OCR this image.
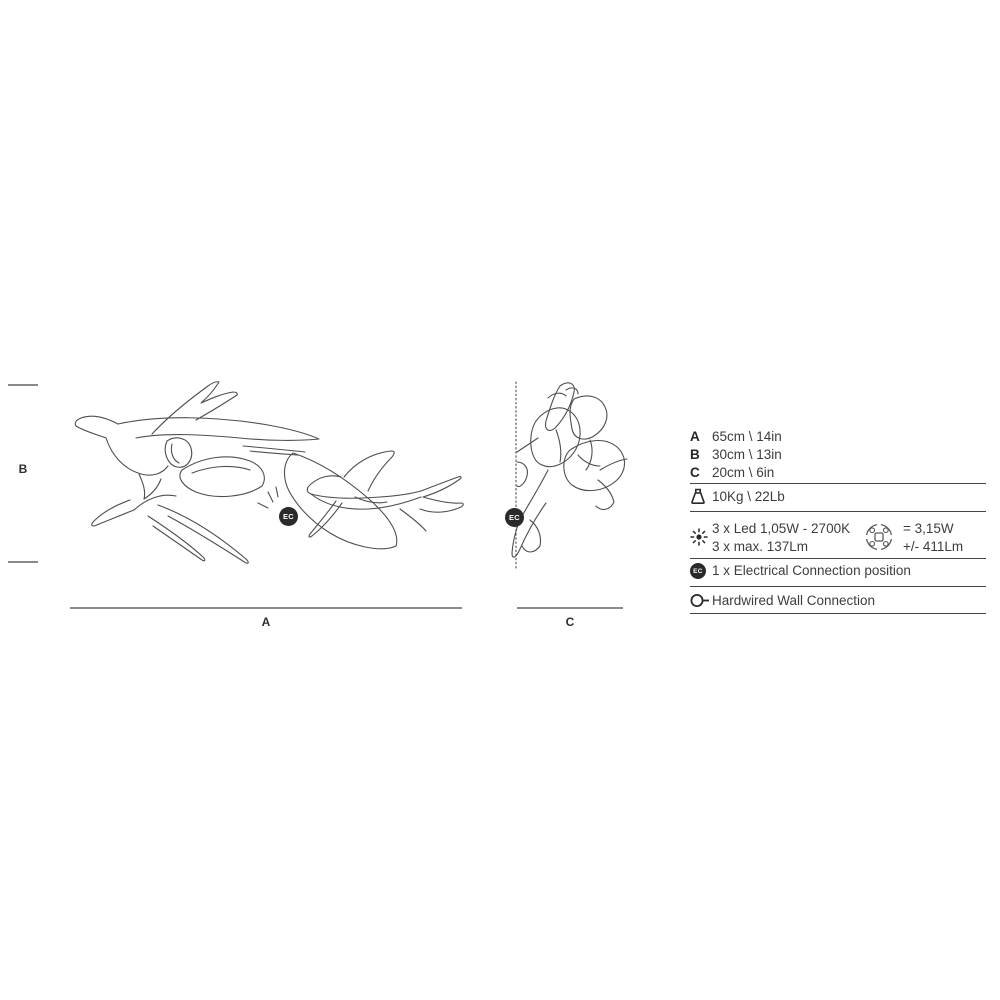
B
EC
A
EC
C
A 65cm \ 14in
B 30cm \ 13in
C 20cm \ 6in
10Kg \ 22Lb
3 x Led 1,05W - 2700K
3 x max. 137Lm
= 3,15W
+/- 411Lm
EC 1 x Electrical Connection position
Hardwired Wall Connection
